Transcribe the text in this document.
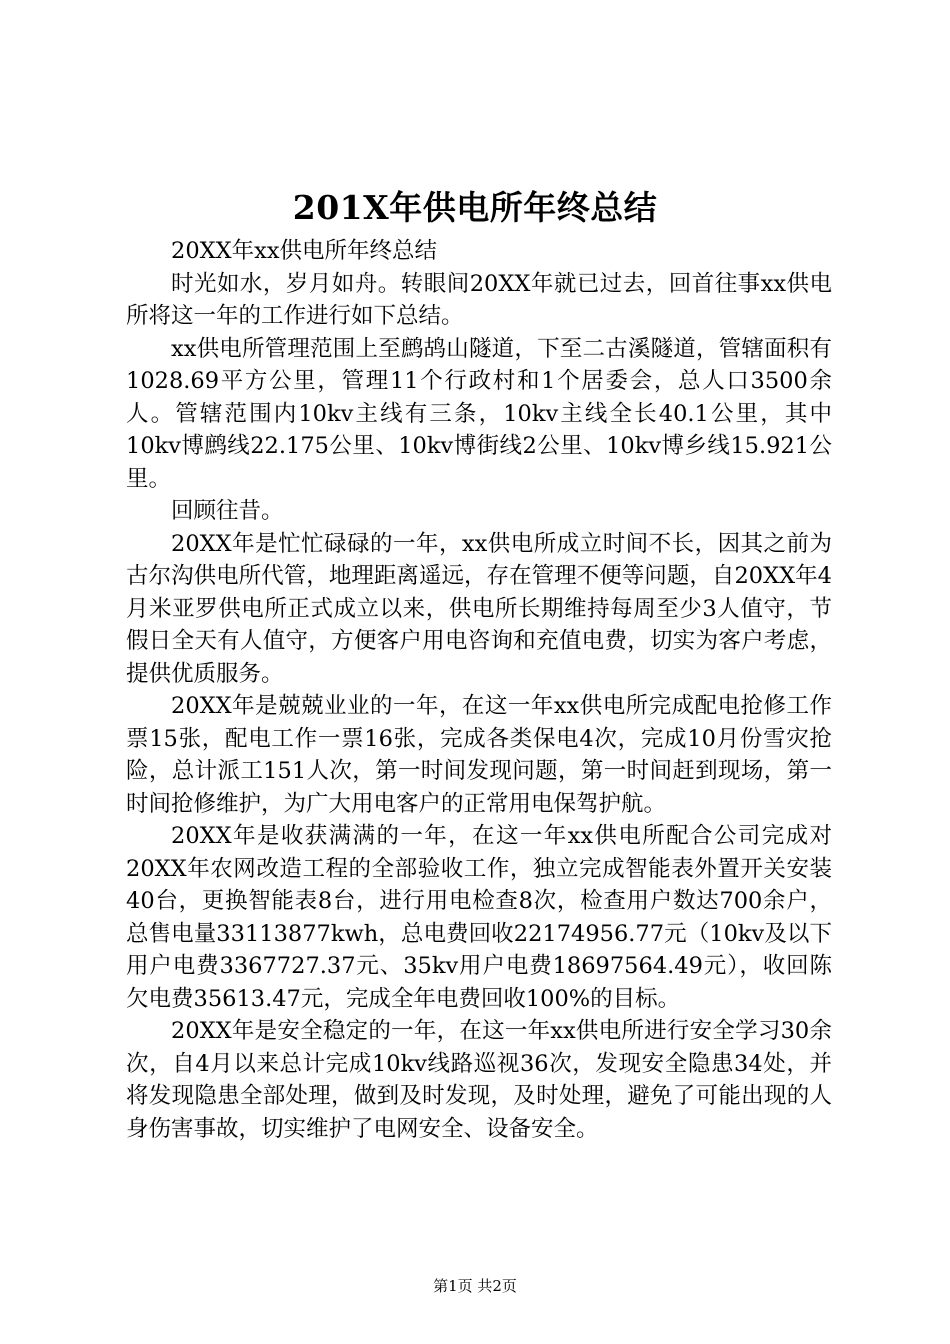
201X年供电所年终总结

20XX年xx供电所年终总结

时光如水，岁月如舟。转眼间20XX年就已过去，回首往事xx供电所将这一年的工作进行如下总结。

xx供电所管理范围上至鹧鸪山隧道，下至二古溪隧道，管辖面积有1028.69平方公里，管理11个行政村和1个居委会，总人口3500余人。管辖范围内10kv主线有三条，10kv主线全长40.1公里，其中10kv博鹧线22.175公里、10kv博街线2公里、10kv博乡线15.921公里。

回顾往昔。

20XX年是忙忙碌碌的一年，xx供电所成立时间不长，因其之前为古尔沟供电所代管，地理距离遥远，存在管理不便等问题，自20XX年4月米亚罗供电所正式成立以来，供电所长期维持每周至少3人值守，节假日全天有人值守，方便客户用电咨询和充值电费，切实为客户考虑，提供优质服务。

20XX年是兢兢业业的一年，在这一年xx供电所完成配电抢修工作票15张，配电工作一票16张，完成各类保电4次，完成10月份雪灾抢险，总计派工151人次，第一时间发现问题，第一时间赶到现场，第一时间抢修维护，为广大用电客户的正常用电保驾护航。

20XX年是收获满满的一年，在这一年xx供电所配合公司完成对20XX年农网改造工程的全部验收工作，独立完成智能表外置开关安装40台，更换智能表8台，进行用电检查8次，检查用户数达700余户，总售电量33113877kwh，总电费回收22174956.77元（10kv及以下用户电费3367727.37元、35kv用户电费18697564.49元），收回陈欠电费35613.47元，完成全年电费回收100%的目标。

20XX年是安全稳定的一年，在这一年xx供电所进行安全学习30余次，自4月以来总计完成10kv线路巡视36次，发现安全隐患34处，并将发现隐患全部处理，做到及时发现，及时处理，避免了可能出现的人身伤害事故，切实维护了电网安全、设备安全。

第1页 共2页
